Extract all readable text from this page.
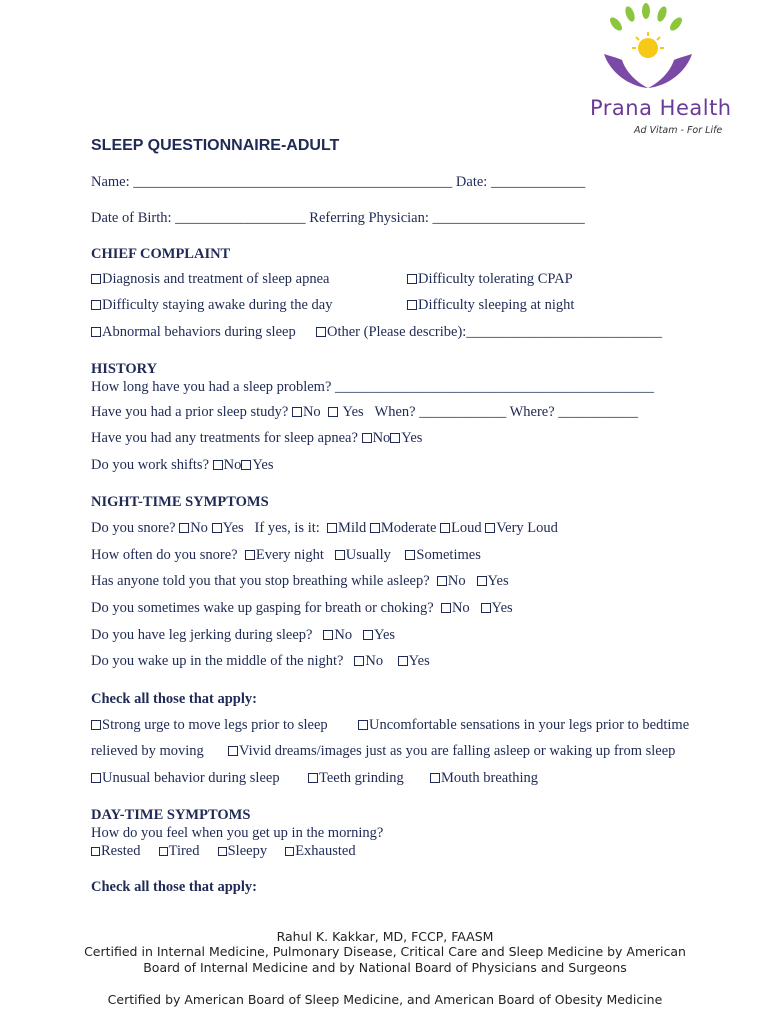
Prana Health
Ad Vitam - For Life
SLEEP QUESTIONNAIRE-ADULT
Name: ____________________________________________ Date: _____________
Date of Birth: __________________ Referring Physician: _____________________
CHIEF COMPLAINT
Diagnosis and treatment of sleep apnea	Difficulty tolerating CPAP
Difficulty staying awake during the day	Difficulty sleeping at night
Abnormal behaviors during sleep	Other (Please describe):___________________________
HISTORY
How long have you had a sleep problem? ____________________________________________
Have you had a prior sleep study? No Yes When? ____________ Where? ___________
Have you had any treatments for sleep apnea? No Yes
Do you work shifts? No Yes
NIGHT-TIME SYMPTOMS
Do you snore? No Yes If yes, is it: Mild Moderate Loud Very Loud
How often do you snore? Every night Usually Sometimes
Has anyone told you that you stop breathing while asleep? No Yes
Do you sometimes wake up gasping for breath or choking? No Yes
Do you have leg jerking during sleep? No Yes
Do you wake up in the middle of the night? No Yes
Check all those that apply:
Strong urge to move legs prior to sleep	Uncomfortable sensations in your legs prior to bedtime
relieved by moving	Vivid dreams/images just as you are falling asleep or waking up from sleep
Unusual behavior during sleep	Teeth grinding	Mouth breathing
DAY-TIME SYMPTOMS
How do you feel when you get up in the morning?
Rested Tired Sleepy Exhausted
Check all those that apply:
Rahul K. Kakkar, MD, FCCP, FAASM
Certified in Internal Medicine, Pulmonary Disease, Critical Care and Sleep Medicine by American
Board of Internal Medicine and by National Board of Physicians and Surgeons
Certified by American Board of Sleep Medicine, and American Board of Obesity Medicine
